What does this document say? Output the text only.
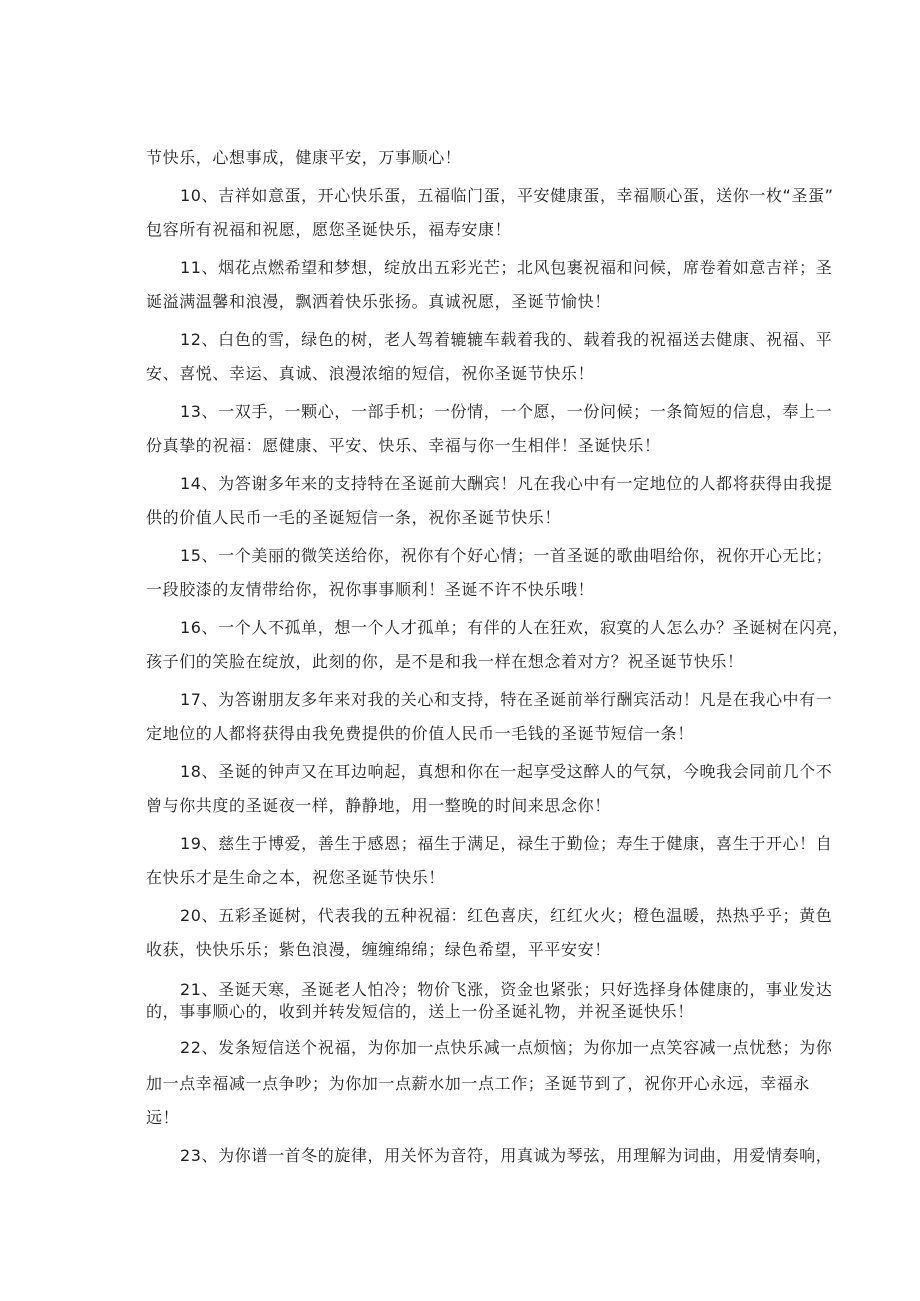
节快乐，心想事成，健康平安，万事顺心！
10、吉祥如意蛋，开心快乐蛋，五福临门蛋，平安健康蛋，幸福顺心蛋，送你一枚“圣蛋”
包容所有祝福和祝愿，愿您圣诞快乐，福寿安康！
11、烟花点燃希望和梦想，绽放出五彩光芒；北风包裹祝福和问候，席卷着如意吉祥；圣
诞溢满温馨和浪漫，飘洒着快乐张扬。真诚祝愿，圣诞节愉快！
12、白色的雪，绿色的树，老人驾着辘辘车载着我的、载着我的祝福送去健康、祝福、平
安、喜悦、幸运、真诚、浪漫浓缩的短信，祝你圣诞节快乐！
13、一双手，一颗心，一部手机；一份情，一个愿，一份问候；一条简短的信息，奉上一
份真挚的祝福：愿健康、平安、快乐、幸福与你一生相伴！圣诞快乐！
14、为答谢多年来的支持特在圣诞前大酬宾！凡在我心中有一定地位的人都将获得由我提
供的价值人民币一毛的圣诞短信一条，祝你圣诞节快乐！
15、一个美丽的微笑送给你，祝你有个好心情；一首圣诞的歌曲唱给你，祝你开心无比；
一段胶漆的友情带给你，祝你事事顺利！圣诞不许不快乐哦！
16、一个人不孤单，想一个人才孤单；有伴的人在狂欢，寂寞的人怎么办？圣诞树在闪亮，
孩子们的笑脸在绽放，此刻的你，是不是和我一样在想念着对方？祝圣诞节快乐！
17、为答谢朋友多年来对我的关心和支持，特在圣诞前举行酬宾活动！凡是在我心中有一
定地位的人都将获得由我免费提供的价值人民币一毛钱的圣诞节短信一条！
18、圣诞的钟声又在耳边响起，真想和你在一起享受这醉人的气氛，今晚我会同前几个不
曾与你共度的圣诞夜一样，静静地，用一整晚的时间来思念你！
19、慈生于博爱，善生于感恩；福生于满足，禄生于勤俭；寿生于健康，喜生于开心！自
在快乐才是生命之本，祝您圣诞节快乐！
20、五彩圣诞树，代表我的五种祝福：红色喜庆，红红火火；橙色温暖，热热乎乎；黄色
收获，快快乐乐；紫色浪漫，缠缠绵绵；绿色希望，平平安安！
21、圣诞天寒，圣诞老人怕冷；物价飞涨，资金也紧张；只好选择身体健康的，事业发达
的，事事顺心的，收到并转发短信的，送上一份圣诞礼物，并祝圣诞快乐！
22、发条短信送个祝福，为你加一点快乐减一点烦恼；为你加一点笑容减一点忧愁；为你
加一点幸福减一点争吵；为你加一点薪水加一点工作；圣诞节到了，祝你开心永远，幸福永
远！
23、为你谱一首冬的旋律，用关怀为音符，用真诚为琴弦，用理解为词曲，用爱情奏响，
